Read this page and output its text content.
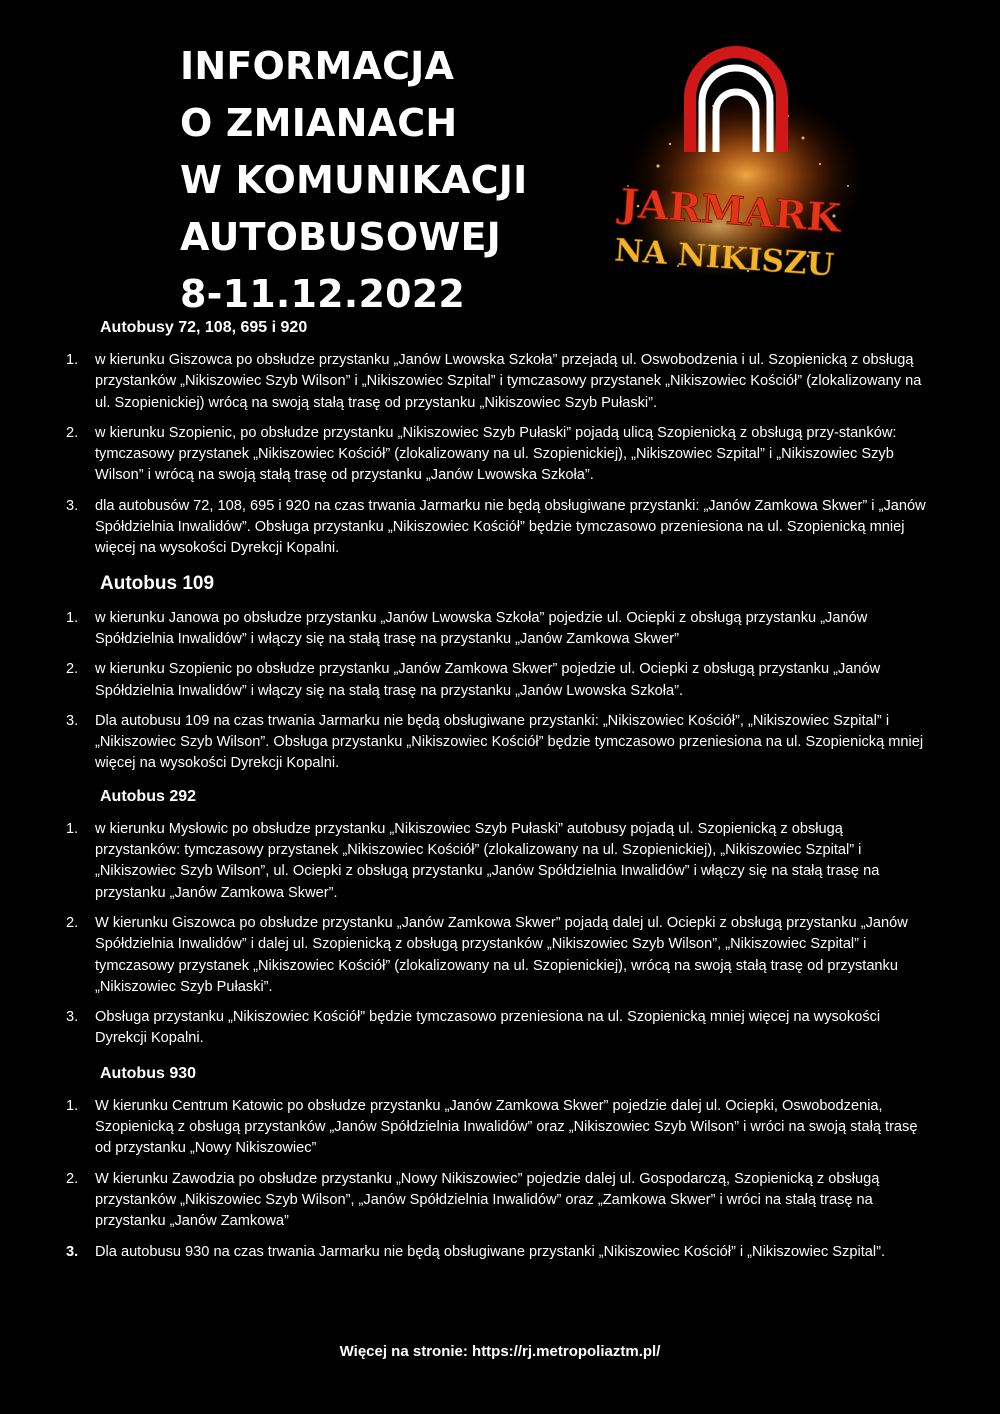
INFORMACJA
O ZMIANACH
W KOMUNIKACJI
AUTOBUSOWEJ
8-11.12.2022
JARMARK
NA NIKISZU
Autobusy 72, 108, 695 i 920
1. w kierunku Giszowca po obsłudze przystanku „Janów Lwowska Szkoła” przejadą ul. Oswobodzenia i ul. Szopienicką z obsługą przystanków „Nikiszowiec Szyb Wilson” i „Nikiszowiec Szpital” i tymczasowy przystanek „Nikiszowiec Kościół” (zlokalizowany na ul. Szopienickiej) wrócą na swoją stałą trasę od przystanku „Nikiszowiec Szyb Pułaski”.
2. w kierunku Szopienic, po obsłudze przystanku „Nikiszowiec Szyb Pułaski” pojadą ulicą Szopienicką z obsługą przy-stanków: tymczasowy przystanek „Nikiszowiec Kościół” (zlokalizowany na ul. Szopienickiej), „Nikiszowiec Szpital” i „Nikiszowiec Szyb Wilson” i wrócą na swoją stałą trasę od przystanku „Janów Lwowska Szkoła”.
3. dla autobusów 72, 108, 695 i 920 na czas trwania Jarmarku nie będą obsługiwane przystanki: „Janów Zamkowa Skwer” i „Janów Spółdzielnia Inwalidów”. Obsługa przystanku „Nikiszowiec Kościół” będzie tymczasowo przeniesiona na ul. Szopienicką mniej więcej na wysokości Dyrekcji Kopalni.
Autobus 109
1. w kierunku Janowa po obsłudze przystanku „Janów Lwowska Szkoła” pojedzie ul. Ociepki z obsługą przystanku „Janów Spółdzielnia Inwalidów” i włączy się na stałą trasę na przystanku „Janów Zamkowa Skwer”
2. w kierunku Szopienic po obsłudze przystanku „Janów Zamkowa Skwer” pojedzie ul. Ociepki z obsługą przystanku „Janów Spółdzielnia Inwalidów” i włączy się na stałą trasę na przystanku „Janów Lwowska Szkoła”.
3. Dla autobusu 109 na czas trwania Jarmarku nie będą obsługiwane przystanki: „Nikiszowiec Kościół”, „Nikiszowiec Szpital” i „Nikiszowiec Szyb Wilson”. Obsługa przystanku „Nikiszowiec Kościół” będzie tymczasowo przeniesiona na ul. Szopienicką mniej więcej na wysokości Dyrekcji Kopalni.
Autobus 292
1. w kierunku Mysłowic po obsłudze przystanku „Nikiszowiec Szyb Pułaski” autobusy pojadą ul. Szopienicką z obsługą przystanków: tymczasowy przystanek „Nikiszowiec Kościół” (zlokalizowany na ul. Szopienickiej), „Nikiszowiec Szpital” i „Nikiszowiec Szyb Wilson”, ul. Ociepki z obsługą przystanku „Janów Spółdzielnia Inwalidów” i włączy się na stałą trasę na przystanku „Janów Zamkowa Skwer”.
2. W kierunku Giszowca po obsłudze przystanku „Janów Zamkowa Skwer” pojadą dalej ul. Ociepki z obsługą przystanku „Janów Spółdzielnia Inwalidów” i dalej ul. Szopienicką z obsługą przystanków „Nikiszowiec Szyb Wilson”, „Nikiszowiec Szpital” i tymczasowy przystanek „Nikiszowiec Kościół” (zlokalizowany na ul. Szopienickiej), wrócą na swoją stałą trasę od przystanku „Nikiszowiec Szyb Pułaski”.
3. Obsługa przystanku „Nikiszowiec Kościół” będzie tymczasowo przeniesiona na ul. Szopienicką mniej więcej na wysokości Dyrekcji Kopalni.
Autobus 930
1. W kierunku Centrum Katowic po obsłudze przystanku „Janów Zamkowa Skwer” pojedzie dalej ul. Ociepki, Oswobodzenia, Szopienicką z obsługą przystanków „Janów Spółdzielnia Inwalidów” oraz „Nikiszowiec Szyb Wilson” i wróci na swoją stałą trasę od przystanku „Nowy Nikiszowiec”
2. W kierunku Zawodzia po obsłudze przystanku „Nowy Nikiszowiec” pojedzie dalej ul. Gospodarczą, Szopienicką z obsługą przystanków „Nikiszowiec Szyb Wilson”, „Janów Spółdzielnia Inwalidów” oraz „Zamkowa Skwer” i wróci na stałą trasę na przystanku „Janów Zamkowa”
3. Dla autobusu 930 na czas trwania Jarmarku nie będą obsługiwane przystanki „Nikiszowiec Kościół” i „Nikiszowiec Szpital”.
Więcej na stronie: https://rj.metropoliaztm.pl/
